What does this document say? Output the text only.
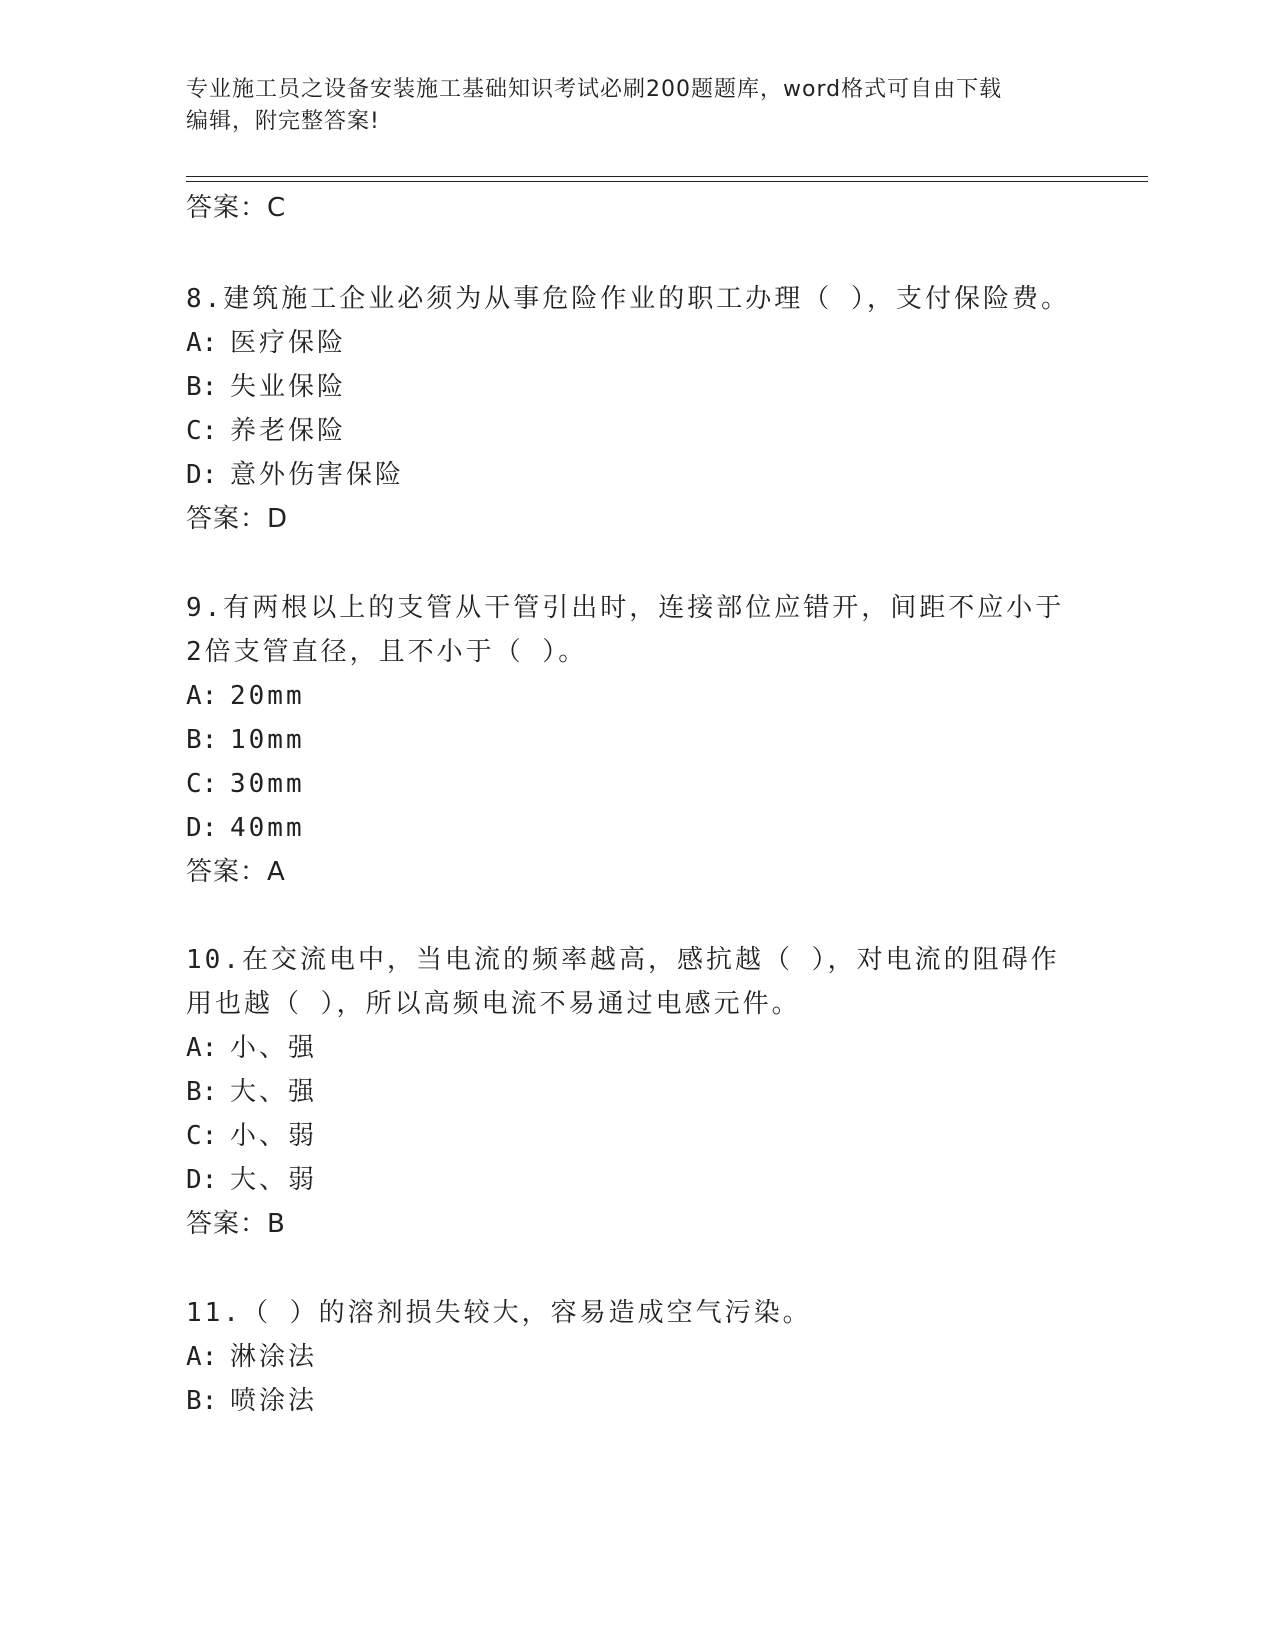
专业施工员之设备安装施工基础知识考试必刷200题题库，word格式可自由下载
编辑，附完整答案!
答案：C
8.建筑施工企业必须为从事危险作业的职工办理（ ），支付保险费。
A: 医疗保险
B: 失业保险
C: 养老保险
D: 意外伤害保险
答案：D
9.有两根以上的支管从干管引出时，连接部位应错开，间距不应小于
2倍支管直径，且不小于（ ）。
A: 20mm
B: 10mm
C: 30mm
D: 40mm
答案：A
10.在交流电中，当电流的频率越高，感抗越（ ），对电流的阻碍作
用也越（ ），所以高频电流不易通过电感元件。
A: 小、强
B: 大、强
C: 小、弱
D: 大、弱
答案：B
11.（ ）的溶剂损失较大，容易造成空气污染。
A: 淋涂法
B: 喷涂法
